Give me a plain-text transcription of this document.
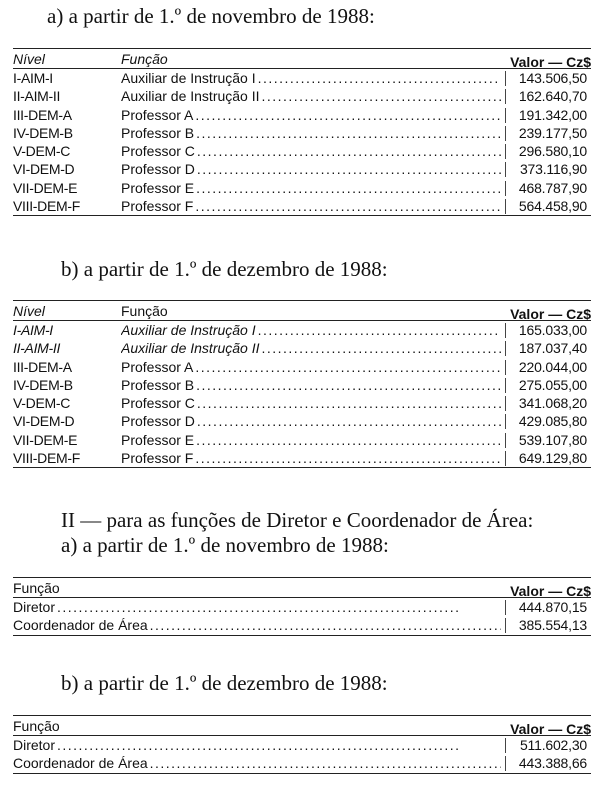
a) a partir de 1.º de novembro de 1988:
Nível	Função	Valor — Cz$
I-AIM-I	Auxiliar de Instrução I . . .	143.506,50
II-AIM-II	Auxiliar de Instrução II . . .	162.640,70
III-DEM-A	Professor A . . .	191.342,00
IV-DEM-B	Professor B . . .	239.177,50
V-DEM-C	Professor C . . .	296.580,10
VI-DEM-D	Professor D . . .	373.116,90
VII-DEM-E	Professor E . . .	468.787,90
VIII-DEM-F	Professor F . . .	564.458,90
b) a partir de 1.º de dezembro de 1988:
Nível	Função	Valor — Cz$
I-AIM-I	Auxiliar de Instrução I . . .	165.033,00
II-AIM-II	Auxiliar de Instrução II . . .	187.037,40
III-DEM-A	Professor A . . .	220.044,00
IV-DEM-B	Professor B . . .	275.055,00
V-DEM-C	Professor C . . .	341.068,20
VI-DEM-D	Professor D . . .	429.085,80
VII-DEM-E	Professor E . . .	539.107,80
VIII-DEM-F	Professor F . . .	649.129,80
II — para as funções de Diretor e Coordenador de Área:
a) a partir de 1.º de novembro de 1988:
Função	Valor — Cz$
Diretor . . .	444.870,15
Coordenador de Área . . .	385.554,13
b) a partir de 1.º de dezembro de 1988:
Função	Valor — Cz$
Diretor . . .	511.602,30
Coordenador de Área . . .	443.388,66
